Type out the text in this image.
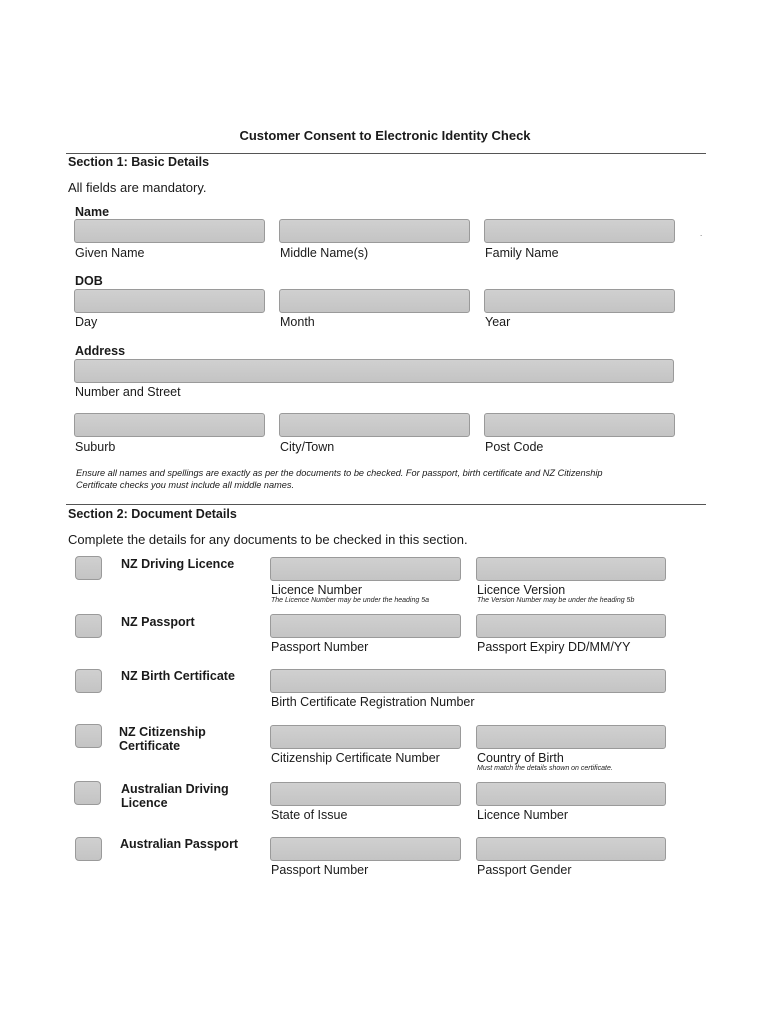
Customer Consent to Electronic Identity Check
Section 1: Basic Details
All fields are mandatory.
Name
Given Name	Middle Name(s)	Family Name
.
DOB
Day	Month	Year
Address
Number and Street
Suburb	City/Town	Post Code
Ensure all names and spellings are exactly as per the documents to be checked. For passport, birth certificate and NZ Citizenship
Certificate checks you must include all middle names.
Section 2: Document Details
Complete the details for any documents to be checked in this section.
NZ Driving Licence
Licence Number	Licence Version
The Licence Number may be under the heading 5a	The Version Number may be under the heading 5b
NZ Passport
Passport Number	Passport Expiry DD/MM/YY
NZ Birth Certificate
Birth Certificate Registration Number
NZ Citizenship
Certificate
Citizenship Certificate Number	Country of Birth
Must match the details shown on certificate.
Australian Driving
Licence
State of Issue	Licence Number
Australian Passport
Passport Number	Passport Gender
